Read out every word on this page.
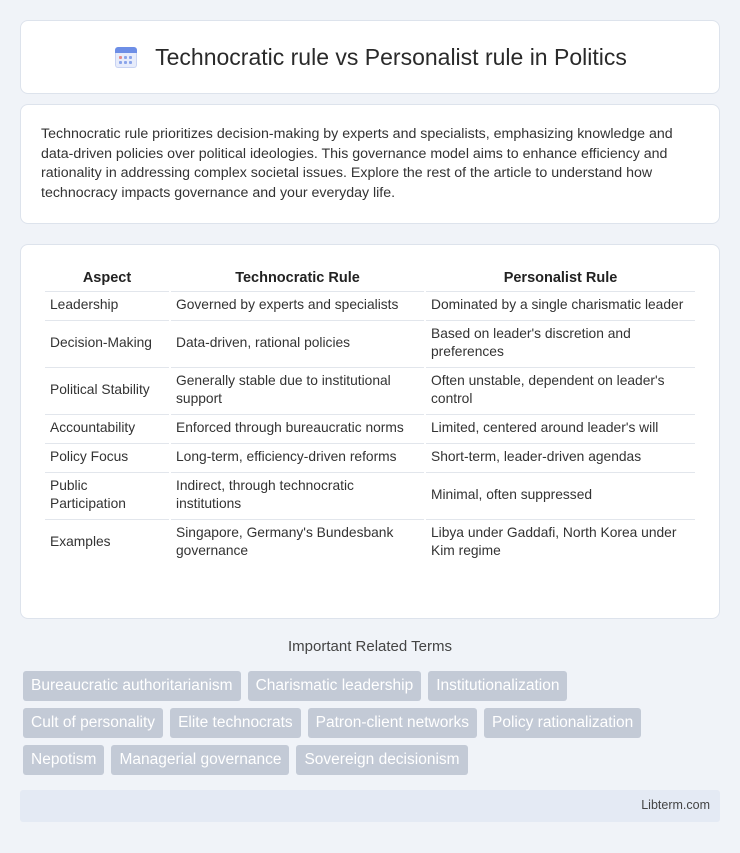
Technocratic rule vs Personalist rule in Politics

Technocratic rule prioritizes decision-making by experts and specialists, emphasizing knowledge and data-driven policies over political ideologies. This governance model aims to enhance efficiency and rationality in addressing complex societal issues. Explore the rest of the article to understand how technocracy impacts governance and your everyday life.

Aspect	Technocratic Rule	Personalist Rule
Leadership	Governed by experts and specialists	Dominated by a single charismatic leader
Decision-Making	Data-driven, rational policies	Based on leader's discretion and preferences
Political Stability	Generally stable due to institutional support	Often unstable, dependent on leader's control
Accountability	Enforced through bureaucratic norms	Limited, centered around leader's will
Policy Focus	Long-term, efficiency-driven reforms	Short-term, leader-driven agendas
Public Participation	Indirect, through technocratic institutions	Minimal, often suppressed
Examples	Singapore, Germany's Bundesbank governance	Libya under Gaddafi, North Korea under Kim regime
Important Related Terms
Bureaucratic authoritarianism	Charismatic leadership	Institutionalization
Cult of personality	Elite technocrats	Patron-client networks	Policy rationalization
Nepotism	Managerial governance	Sovereign decisionism
Libterm.com
